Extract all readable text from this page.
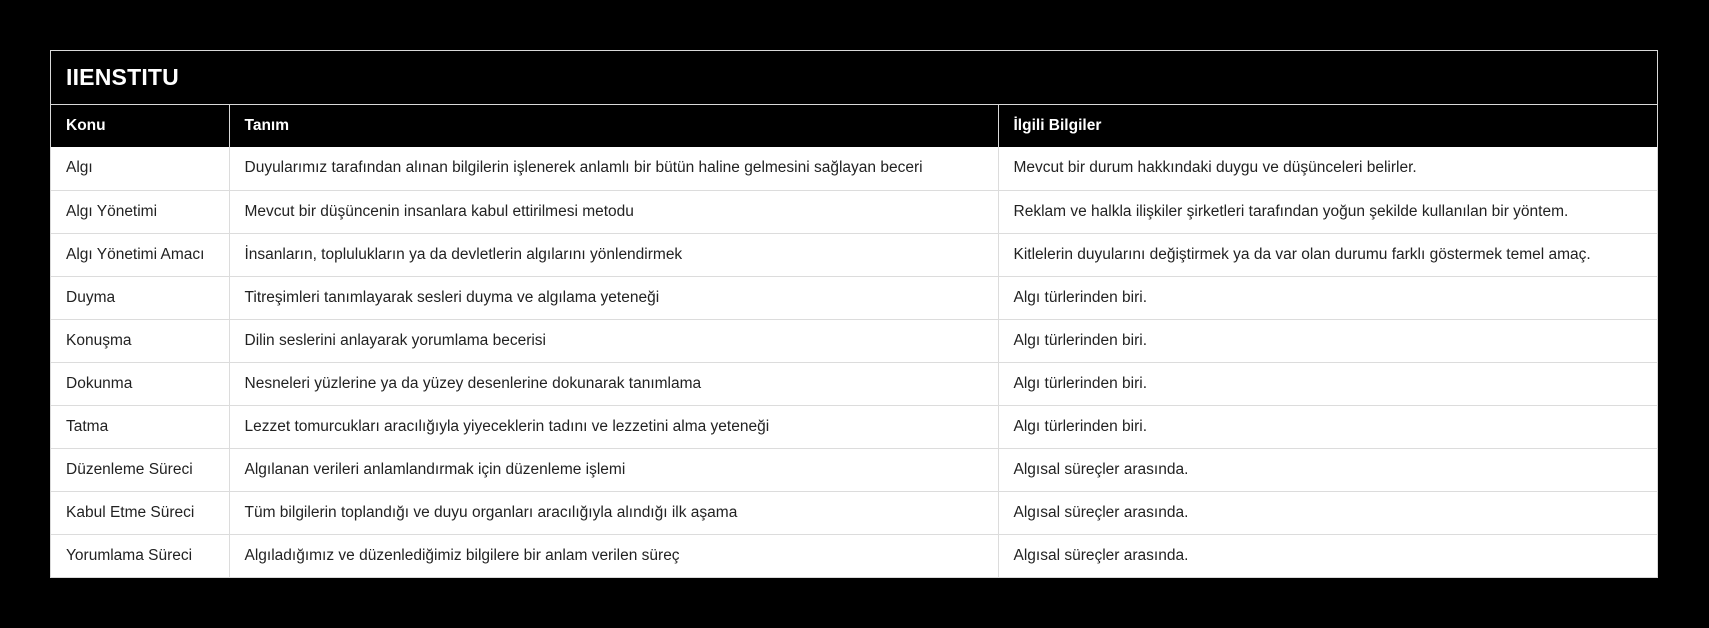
IIENSTITU
Konu	Tanım	İlgili Bilgiler
Algı	Duyularımız tarafından alınan bilgilerin işlenerek anlamlı bir bütün haline gelmesini sağlayan beceri	Mevcut bir durum hakkındaki duygu ve düşünceleri belirler.
Algı Yönetimi	Mevcut bir düşüncenin insanlara kabul ettirilmesi metodu	Reklam ve halkla ilişkiler şirketleri tarafından yoğun şekilde kullanılan bir yöntem.
Algı Yönetimi Amacı	İnsanların, toplulukların ya da devletlerin algılarını yönlendirmek	Kitlelerin duyularını değiştirmek ya da var olan durumu farklı göstermek temel amaç.
Duyma	Titreşimleri tanımlayarak sesleri duyma ve algılama yeteneği	Algı türlerinden biri.
Konuşma	Dilin seslerini anlayarak yorumlama becerisi	Algı türlerinden biri.
Dokunma	Nesneleri yüzlerine ya da yüzey desenlerine dokunarak tanımlama	Algı türlerinden biri.
Tatma	Lezzet tomurcukları aracılığıyla yiyeceklerin tadını ve lezzetini alma yeteneği	Algı türlerinden biri.
Düzenleme Süreci	Algılanan verileri anlamlandırmak için düzenleme işlemi	Algısal süreçler arasında.
Kabul Etme Süreci	Tüm bilgilerin toplandığı ve duyu organları aracılığıyla alındığı ilk aşama	Algısal süreçler arasında.
Yorumlama Süreci	Algıladığımız ve düzenlediğimiz bilgilere bir anlam verilen süreç	Algısal süreçler arasında.
